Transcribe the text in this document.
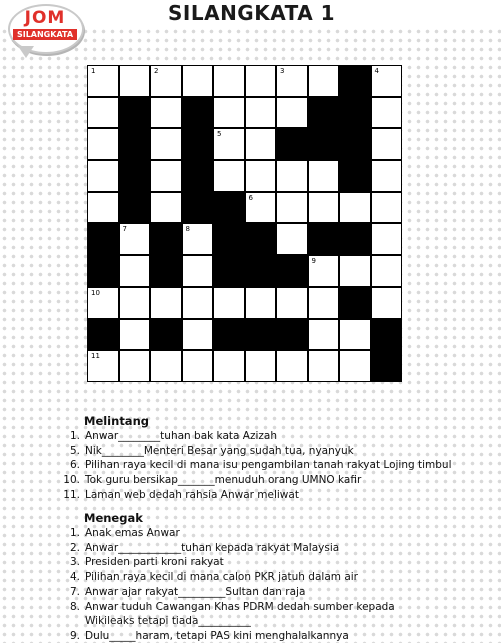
SILANGKATA 1
JOM
SILANGKATA
1	2	3	4
5
6
7	8
9
10
11
Melintang
1. Anwar________tuhan bak kata Azizah
5. Nik________Menteri Besar yang sudah tua, nyanyuk
6. Pilihan raya kecil di mana isu pengambilan tanah rakyat Lojing timbul
10. Tok guru bersikap_______menuduh orang UMNO kafir
11. Laman web dedah rahsia Anwar meliwat
Menegak
1. Anak emas Anwar
2. Anwar____________tuhan kepada rakyat Malaysia
3. Presiden parti kroni rakyat
4. Pilihan raya kecil di mana calon PKR jatuh dalam air
7. Anwar ajar rakyat_________Sultan dan raja
8. Anwar tuduh Cawangan Khas PDRM dedah sumber kepada
Wikileaks tetapi tiada__________
9. Dulu_____haram, tetapi PAS kini menghalalkannya
